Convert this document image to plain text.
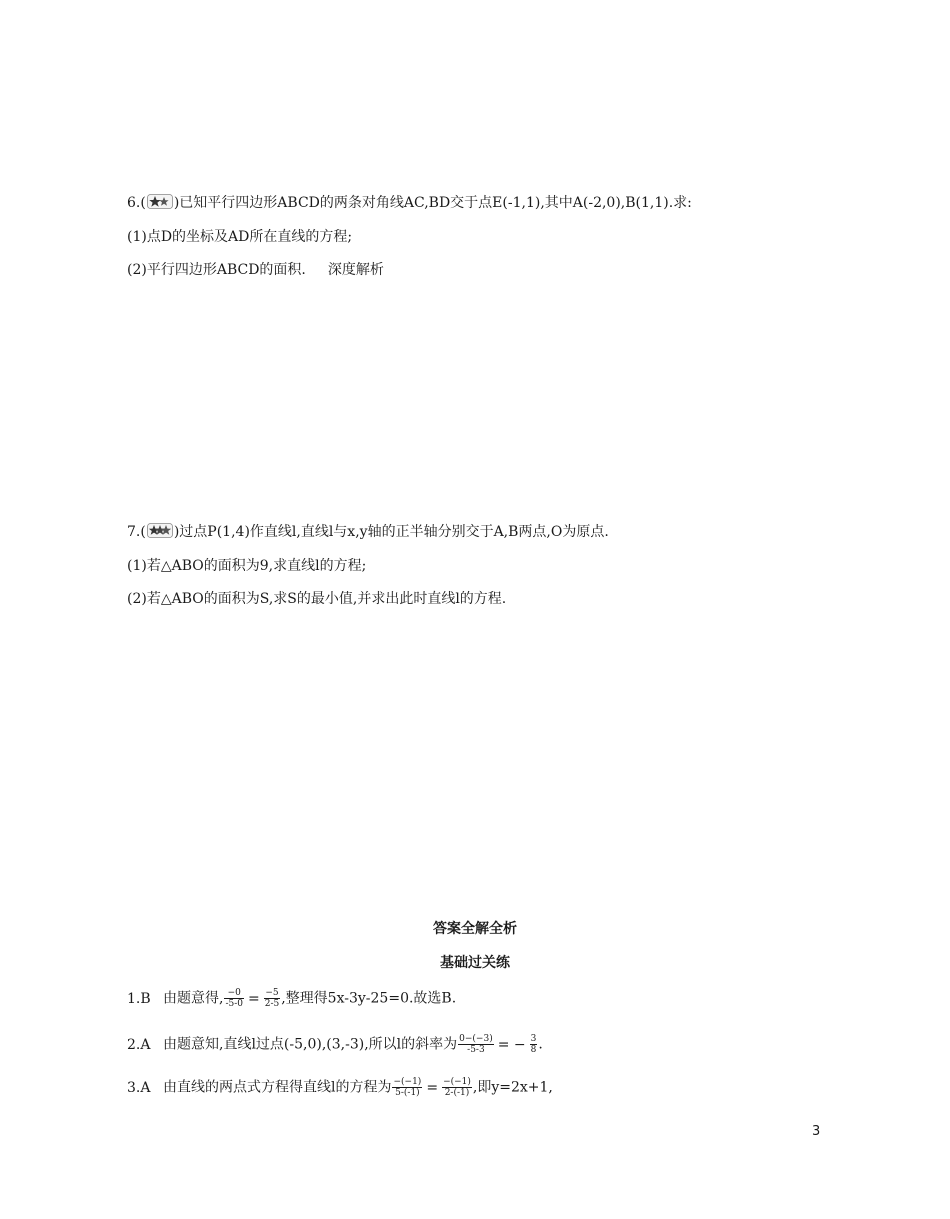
6.( )已知平行四边形ABCD的两条对角线AC,BD交于点E(-1,1),其中A(-2,0),B(1,1).求:
(1)点D的坐标及AD所在直线的方程;
(2)平行四边形ABCD的面积. 深度解析
7.( )过点P(1,4)作直线l,直线l与x,y轴的正半轴分别交于A,B两点,O为原点.
(1)若△ABO的面积为9,求直线l的方程;
(2)若△ABO的面积为S,求S的最小值,并求出此时直线l的方程.
答案全解全析
基础过关练
1.B 由题意得, $\frac{-0}{-5-0} = \frac{-5}{2-5}$ ,整理得5x-3y-25=0.故选B.
2.A 由题意知,直线l过点(-5,0),(3,-3),所以l的斜率为 $\frac{0-(-3)}{-5-3}$ = − $\frac{3}{8}$ .
3.A 由直线的两点式方程得直线l的方程为 $\frac{-(-1)}{5-(-1)} = \frac{-(-1)}{2-(-1)}$ ,即y=2x+1,
3
